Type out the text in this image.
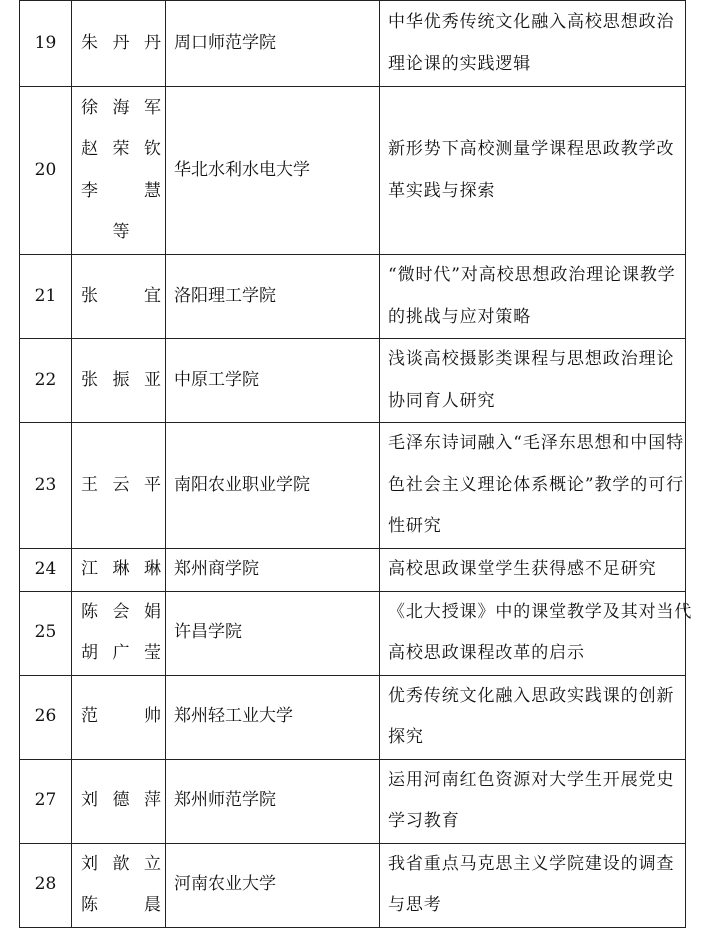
19	朱丹丹	周口师范学院	中华优秀传统文化融入高校思想政治
理论课的实践逻辑

20	徐海军
赵荣钦
李　慧
等	华北水利水电大学	新形势下高校测量学课程思政教学改
革实践与探索

21	张　宜	洛阳理工学院	“微时代”对高校思想政治理论课教学
的挑战与应对策略

22	张振亚	中原工学院	浅谈高校摄影类课程与思想政治理论
协同育人研究

23	王云平	南阳农业职业学院	毛泽东诗词融入“毛泽东思想和中国特
色社会主义理论体系概论”教学的可行
性研究

24	江琳琳	郑州商学院	高校思政课堂学生获得感不足研究

25	陈会娟
胡广莹	许昌学院	《北大授课》中的课堂教学及其对当代
高校思政课程改革的启示

26	范　帅	郑州轻工业大学	优秀传统文化融入思政实践课的创新
探究

27	刘德萍	郑州师范学院	运用河南红色资源对大学生开展党史
学习教育

28	刘歆立
陈　晨	河南农业大学	我省重点马克思主义学院建设的调查
与思考
